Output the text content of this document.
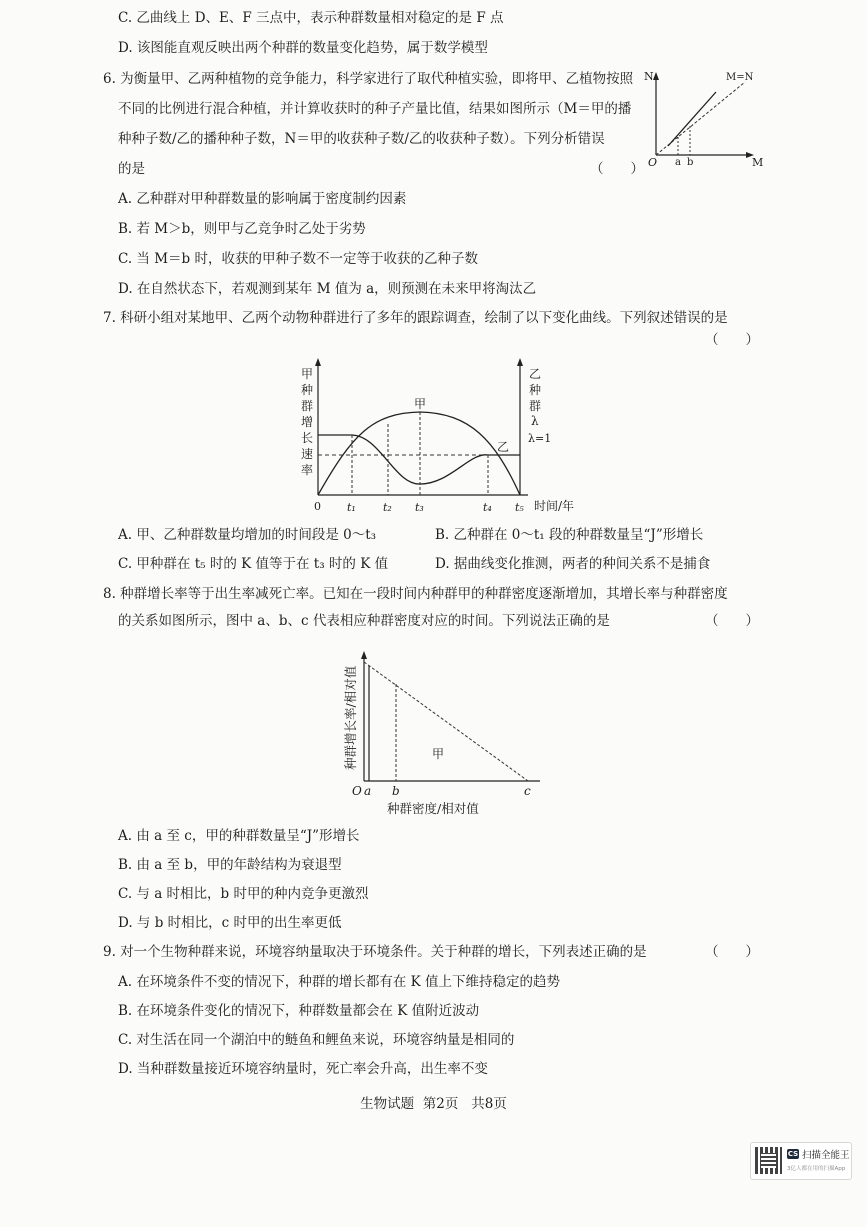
C. 乙曲线上 D、E、F 三点中，表示种群数量相对稳定的是 F 点
D. 该图能直观反映出两个种群的数量变化趋势，属于数学模型
6. 为衡量甲、乙两种植物的竞争能力，科学家进行了取代种植实验，即将甲、乙植物按照
不同的比例进行混合种植，并计算收获时的种子产量比值，结果如图所示（M＝甲的播
种种子数/乙的播种种子数，N＝甲的收获种子数/乙的收获种子数）。下列分析错误
的是	（　　）
A. 乙种群对甲种群数量的影响属于密度制约因素
B. 若 M＞b，则甲与乙竞争时乙处于劣势
C. 当 M＝b 时，收获的甲种子数不一定等于收获的乙种子数
D. 在自然状态下，若观测到某年 M 值为 a，则预测在未来甲将淘汰乙
N
M
O a b
M=N
7. 科研小组对某地甲、乙两个动物种群进行了多年的跟踪调查，绘制了以下变化曲线。下列叙述错误的是
（　　）
甲
种
群
增
长
速
率
乙
种
群
λ
λ=1
甲
乙
0 t₁ t₂ t₃	t₄ t₅ 时间/年
A. 甲、乙种群数量均增加的时间段是 0～t₃	B. 乙种群在 0～t₁ 段的种群数量呈“J”形增长
C. 甲种群在 t₅ 时的 K 值等于在 t₃ 时的 K 值	D. 据曲线变化推测，两者的种间关系不是捕食
8. 种群增长率等于出生率减死亡率。已知在一段时间内种群甲的种群密度逐渐增加，其增长率与种群密度
的关系如图所示，图中 a、b、c 代表相应种群密度对应的时间。下列说法正确的是	（　　）
种群增长率/相对值	甲
O a b	c
种群密度/相对值
A. 由 a 至 c，甲的种群数量呈“J”形增长
B. 由 a 至 b，甲的年龄结构为衰退型
C. 与 a 时相比，b 时甲的种内竞争更激烈
D. 与 b 时相比，c 时甲的出生率更低
9. 对一个生物种群来说，环境容纳量取决于环境条件。关于种群的增长，下列表述正确的是	（　　）
A. 在环境条件不变的情况下，种群的增长都有在 K 值上下维持稳定的趋势
B. 在环境条件变化的情况下，种群数量都会在 K 值附近波动
C. 对生活在同一个湖泊中的鲢鱼和鲤鱼来说，环境容纳量是相同的
D. 当种群数量接近环境容纳量时，死亡率会升高，出生率不变
生物试题 第2页 共8页
CS 扫描全能王
3亿人都在用的扫描App
